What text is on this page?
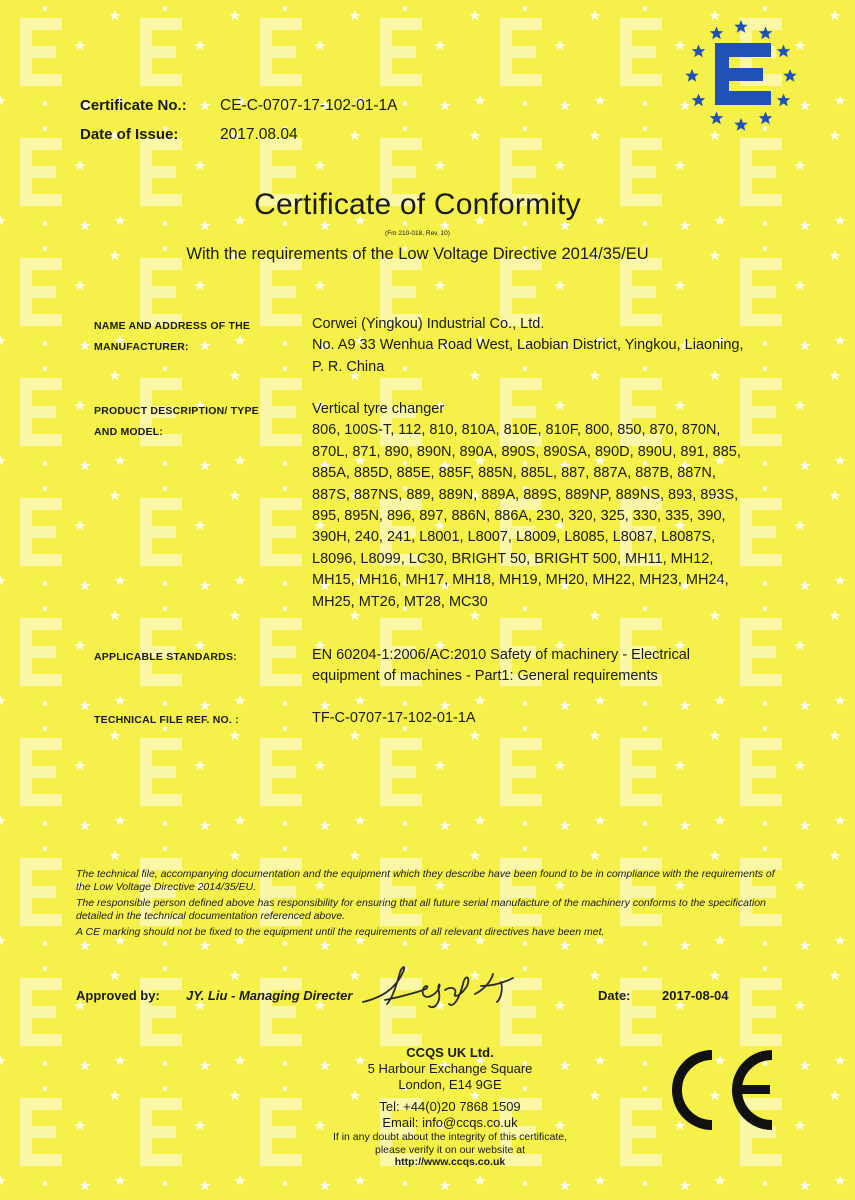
Certificate No.: CE-C-0707-17-102-01-1A
Date of Issue:	2017.08.04
Certificate of Conformity
(Fm 210-018, Rev. 10)
With the requirements of the Low Voltage Directive 2014/35/EU
NAME AND ADDRESS OF THE
MANUFACTURER:

Corwei (Yingkou) Industrial Co., Ltd.

No. A9 33 Wenhua Road West, Laobian District, Yingkou, Liaoning,

P. R. China

PRODUCT DESCRIPTION/ TYPE
AND MODEL:

Vertical tyre changer

806, 100S-T, 112, 810, 810A, 810E, 810F, 800, 850, 870, 870N,

870L, 871, 890, 890N, 890A, 890S, 890SA, 890D, 890U, 891, 885,

885A, 885D, 885E, 885F, 885N, 885L, 887, 887A, 887B, 887N,

887S, 887NS, 889, 889N, 889A, 889S, 889NP, 889NS, 893, 893S,

895, 895N, 896, 897, 886N, 886A, 230, 320, 325, 330, 335, 390,

390H, 240, 241, L8001, L8007, L8009, L8085, L8087, L8087S,

L8096, L8099, LC30, BRIGHT 50, BRIGHT 500, MH11, MH12,

MH15, MH16, MH17, MH18, MH19, MH20, MH22, MH23, MH24,

MH25, MT26, MT28, MC30

APPLICABLE STANDARDS:	EN 60204-1:2006/AC:2010 Safety of machinery - Electrical

equipment of machines - Part1: General requirements

TECHNICAL FILE REF. NO. :	TF-C-0707-17-102-01-1A

The technical file, accompanying documentation and the equipment which they describe have been found to be in compliance with the requirements of the Low Voltage Directive 2014/35/EU.

The responsible person defined above has responsibility for ensuring that all future serial manufacture of the machinery conforms to the specification detailed in the technical documentation referenced above.

A CE marking should not be fixed to the equipment until the requirements of all relevant directives have been met.

Approved by: JY. Liu - Managing Directer	Date: 2017-08-04
CCQS UK Ltd.
5 Harbour Exchange Square
London, E14 9GE
Tel: +44(0)20 7868 1509
Email: info@ccqs.co.uk
If in any doubt about the integrity of this certificate,
please verify it on our website at
http://www.ccqs.co.uk
CE
